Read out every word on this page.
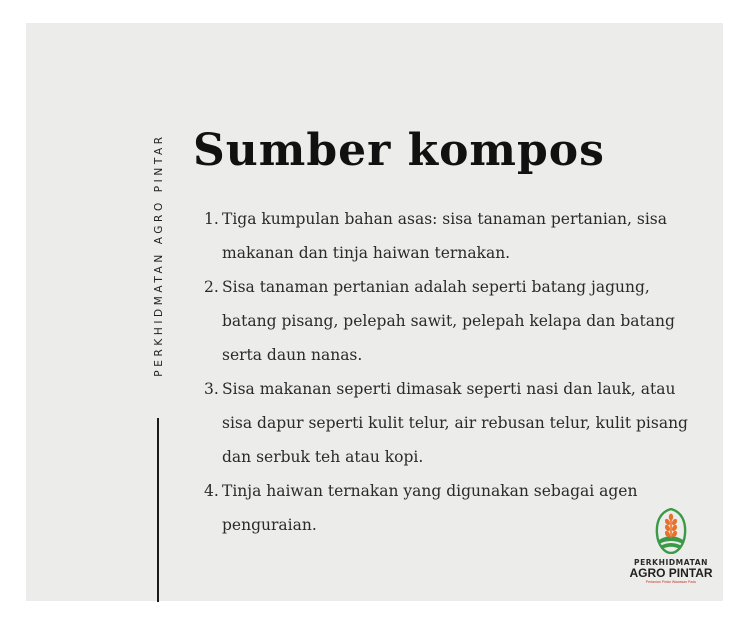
PERKHIDMATAN AGRO PINTAR Sumber kompos
1. Tiga kumpulan bahan asas: sisa tanaman pertanian, sisa makanan dan tinja haiwan ternakan.
2. Sisa tanaman pertanian adalah seperti batang jagung, batang pisang, pelepah sawit, pelepah kelapa dan batang serta daun nanas.
3. Sisa makanan seperti dimasak seperti nasi dan lauk, atau sisa dapur seperti kulit telur, air rebusan telur, kulit pisang dan serbuk teh atau kopi.
4. Tinja haiwan ternakan yang digunakan sebagai agen penguraian.
PERKHIDMATAN
AGRO PINTAR
Pertanian Pintar Wawasan Padu
